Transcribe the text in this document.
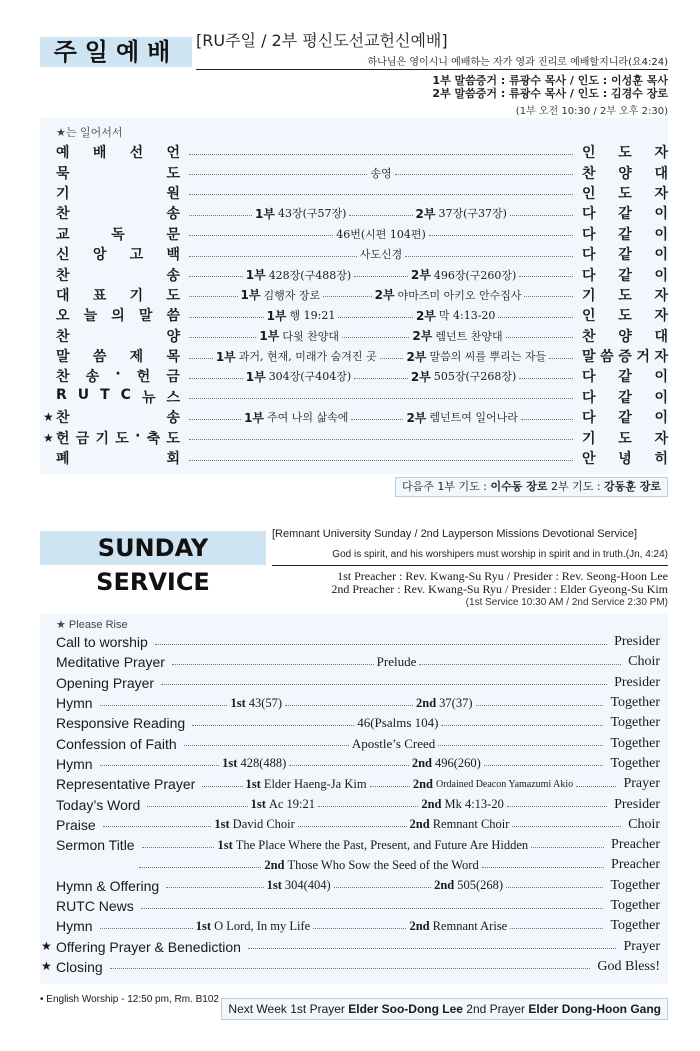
주일예배	[RU주일 / 2부 평신도선교헌신예배]
하나님은 영이시니 예배하는 자가 영과 진리로 예배할지니라(요4:24)
1부 말씀증거 : 류광수 목사 / 인도 : 이성훈 목사
2부 말씀증거 : 류광수 목사 / 인도 : 김경수 장로
(1부 오전 10:30 / 2부 오후 2:30)
★는 일어서서
예 배 선 언	인 도 자
묵	도	송영	찬 양 대
기	원	인 도 자
찬	송	1부 43장(구57장)	2부 37장(구37장)	다 같 이
교	독	문	46번(시편 104편)	다 같 이
신 앙 고 백	사도신경	다 같 이
찬	송	1부 428장(구488장)	2부 496장(구260장)	다 같 이
대 표 기 도	1부 김행자 장로	2부 야마즈미 아키오 안수집사	기 도 자
오 늘 의 말 씀	1부 행 19:21	2부 막 4:13-20	인 도 자
찬	양	1부 다윗 찬양대	2부 렘넌트 찬양대	찬 양 대
말 씀 제 목	1부 과거, 현재, 미래가 숨겨진 곳 2부 말씀의 씨를 뿌리는 자들	말 씀 증 거 자
찬 송 · 헌 금	1부 304장(구404장)	2부 505장(구268장)	다 같 이
R U T C 뉴 스	다 같 이
★ 찬	송	1부 주여 나의 삶속에	2부 렘넌트여 일어나라	다 같 이
★ 헌 금 기 도 · 축 도	기 도 자
폐	회	안 녕 히
다음주 1부 기도 : 이수동 장로 2부 기도 : 강동훈 장로
SUNDAY SERVICE
[Remnant University Sunday / 2nd Layperson Missions Devotional Service]
God is spirit, and his worshipers must worship in spirit and in truth.(Jn, 4:24)
1st Preacher : Rev. Kwang-Su Ryu / Presider : Rev. Seong-Hoon Lee
2nd Preacher : Rev. Kwang-Su Ryu / Presider : Elder Gyeong-Su Kim
(1st Service 10:30 AM / 2nd Service 2:30 PM)
★ Please Rise
Call to worship	Presider
Meditative Prayer	Prelude	Choir
Opening Prayer	Presider
Hymn	1st 43(57)	2nd 37(37)	Together
Responsive Reading	46(Psalms 104)	Together
Confession of Faith	Apostle’s Creed	Together
Hymn	1st 428(488)	2nd 496(260)	Together
Representative Prayer	1st Elder Haeng-Ja Kim	2nd Ordained Deacon Yamazumi Akio	Prayer
Today’s Word	1st Ac 19:21	2nd Mk 4:13-20	Presider
Praise	1st David Choir	2nd Remnant Choir	Choir
Sermon Title	1st The Place Where the Past, Present, and Future Are Hidden	Preacher
2nd Those Who Sow the Seed of the Word	Preacher
Hymn & Offering	1st 304(404)	2nd 505(268)	Together
RUTC News	Together
Hymn	1st O Lord, In my Life	2nd Remnant Arise	Together
★ Offering Prayer & Benediction	Prayer
★ Closing	God Bless!
• English Worship - 12:50 pm, Rm. B102
Next Week 1st Prayer Elder Soo-Dong Lee 2nd Prayer Elder Dong-Hoon Gang
